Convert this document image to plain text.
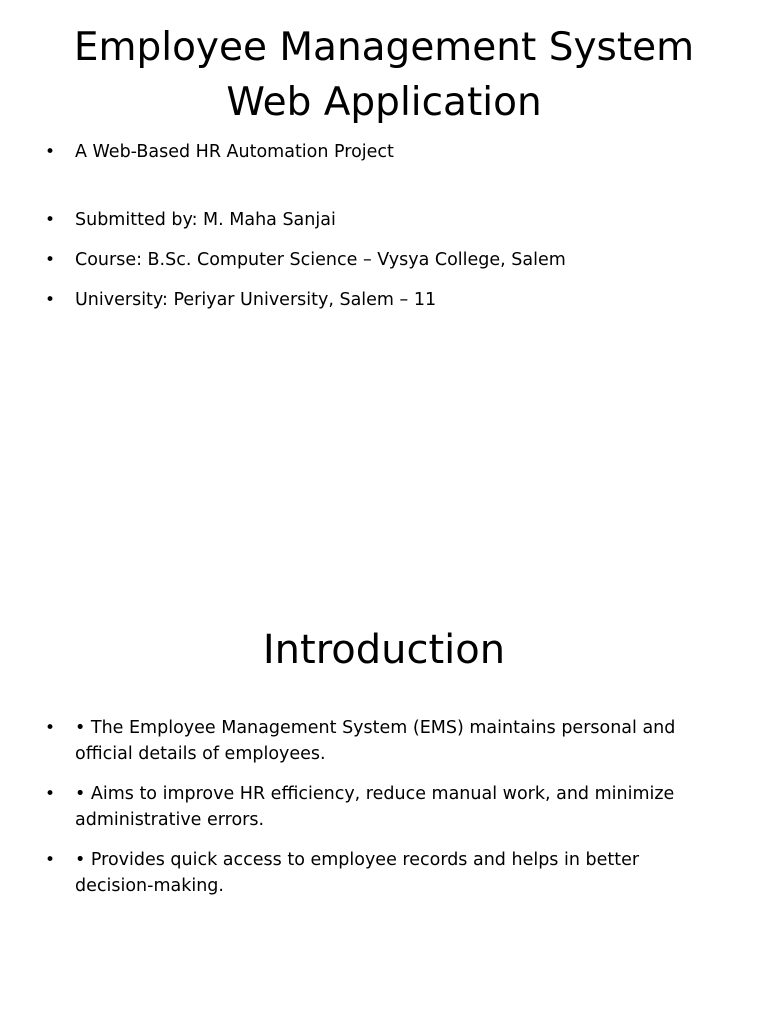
Employee Management System
Web Application
• A Web-Based HR Automation Project
• Submitted by: M. Maha Sanjai
• Course: B.Sc. Computer Science – Vysya College, Salem
• University: Periyar University, Salem – 11
Introduction
• • The Employee Management System (EMS) maintains personal and official details of employees.
• • Aims to improve HR efficiency, reduce manual work, and minimize administrative errors.
• • Provides quick access to employee records and helps in better decision-making.
